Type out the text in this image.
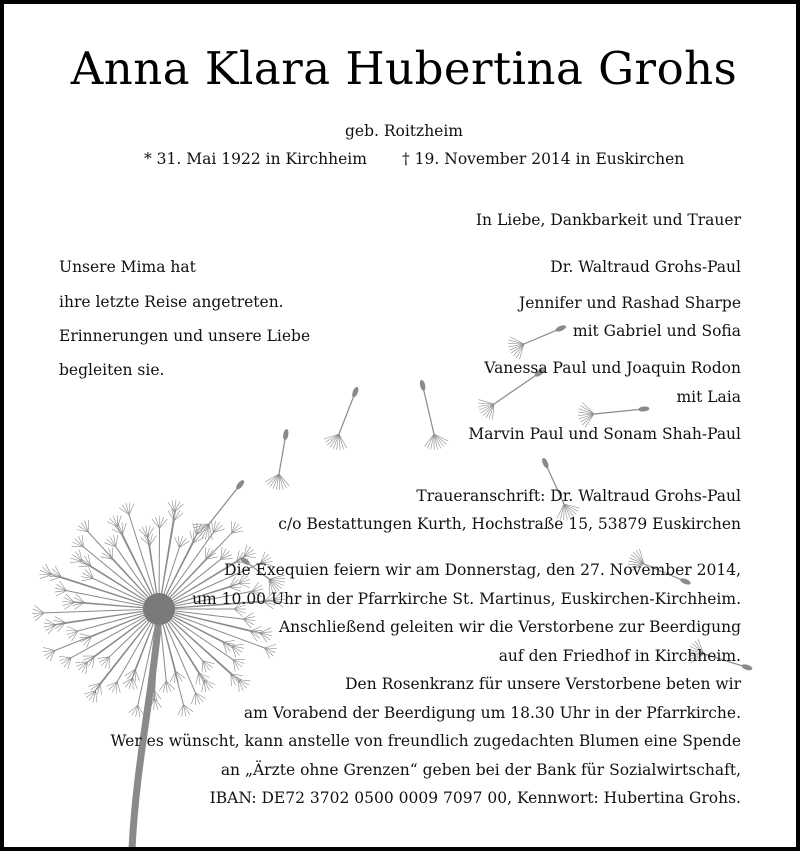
Anna Klara Hubertina Grohs
geb. Roitzheim
* 31. Mai 1922 in Kirchheim † 19. November 2014 in Euskirchen
In Liebe, Dankbarkeit und Trauer
Unsere Mima hat
ihre letzte Reise angetreten.
Erinnerungen und unsere Liebe
begleiten sie.
Dr. Waltraud Grohs-Paul
Jennifer und Rashad Sharpe
mit Gabriel und Sofia
Vanessa Paul und Joaquin Rodon
mit Laia
Marvin Paul und Sonam Shah-Paul
Traueranschrift: Dr. Waltraud Grohs-Paul
c/o Bestattungen Kurth, Hochstraße 15, 53879 Euskirchen
Die Exequien feiern wir am Donnerstag, den 27. November 2014,
um 10.00 Uhr in der Pfarrkirche St. Martinus, Euskirchen-Kirchheim.
Anschließend geleiten wir die Verstorbene zur Beerdigung
auf den Friedhof in Kirchheim.
Den Rosenkranz für unsere Verstorbene beten wir
am Vorabend der Beerdigung um 18.30 Uhr in der Pfarrkirche.
Wer es wünscht, kann anstelle von freundlich zugedachten Blumen eine Spende
an „Ärzte ohne Grenzen“ geben bei der Bank für Sozialwirtschaft,
IBAN: DE72 3702 0500 0009 7097 00, Kennwort: Hubertina Grohs.
